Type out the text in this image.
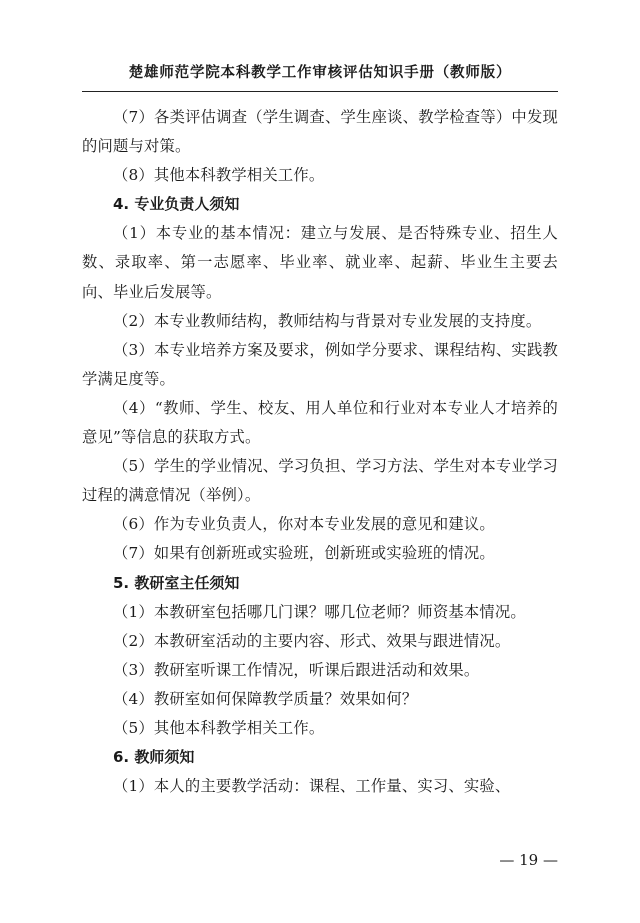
楚雄师范学院本科教学工作审核评估知识手册（教师版）

（7）各类评估调查（学生调查、学生座谈、教学检查等）中发现的问题与对策。

（8）其他本科教学相关工作。

4. 专业负责人须知

（1）本专业的基本情况：建立与发展、是否特殊专业、招生人数、录取率、第一志愿率、毕业率、就业率、起薪、毕业生主要去向、毕业后发展等。

（2）本专业教师结构，教师结构与背景对专业发展的支持度。

（3）本专业培养方案及要求，例如学分要求、课程结构、实践教学满足度等。

（4）“教师、学生、校友、用人单位和行业对本专业人才培养的意见”等信息的获取方式。

（5）学生的学业情况、学习负担、学习方法、学生对本专业学习过程的满意情况（举例）。

（6）作为专业负责人，你对本专业发展的意见和建议。

（7）如果有创新班或实验班，创新班或实验班的情况。

5. 教研室主任须知

（1）本教研室包括哪几门课？哪几位老师？师资基本情况。

（2）本教研室活动的主要内容、形式、效果与跟进情况。

（3）教研室听课工作情况，听课后跟进活动和效果。

（4）教研室如何保障教学质量？效果如何？

（5）其他本科教学相关工作。

6. 教师须知

（1）本人的主要教学活动：课程、工作量、实习、实验、

— 19 —
